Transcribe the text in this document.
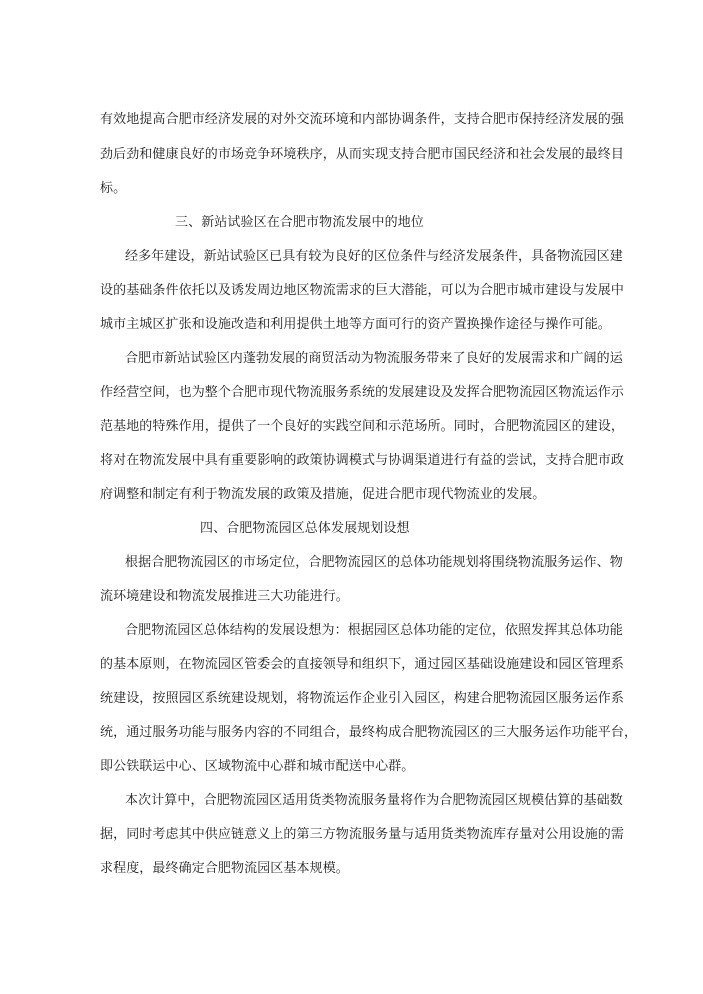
有效地提高合肥市经济发展的对外交流环境和内部协调条件，支持合肥市保持经济发展的强
劲后劲和健康良好的市场竞争环境秩序，从而实现支持合肥市国民经济和社会发展的最终目
标。
三、新站试验区在合肥市物流发展中的地位
经多年建设，新站试验区已具有较为良好的区位条件与经济发展条件，具备物流园区建
设的基础条件依托以及诱发周边地区物流需求的巨大潜能，可以为合肥市城市建设与发展中
城市主城区扩张和设施改造和利用提供土地等方面可行的资产置换操作途径与操作可能。
合肥市新站试验区内蓬勃发展的商贸活动为物流服务带来了良好的发展需求和广阔的运
作经营空间，也为整个合肥市现代物流服务系统的发展建设及发挥合肥物流园区物流运作示
范基地的特殊作用，提供了一个良好的实践空间和示范场所。同时，合肥物流园区的建设，
将对在物流发展中具有重要影响的政策协调模式与协调渠道进行有益的尝试，支持合肥市政
府调整和制定有利于物流发展的政策及措施，促进合肥市现代物流业的发展。
四、合肥物流园区总体发展规划设想
根据合肥物流园区的市场定位，合肥物流园区的总体功能规划将围绕物流服务运作、物
流环境建设和物流发展推进三大功能进行。
合肥物流园区总体结构的发展设想为：根据园区总体功能的定位，依照发挥其总体功能
的基本原则，在物流园区管委会的直接领导和组织下，通过园区基础设施建设和园区管理系
统建设，按照园区系统建设规划，将物流运作企业引入园区，构建合肥物流园区服务运作系
统，通过服务功能与服务内容的不同组合，最终构成合肥物流园区的三大服务运作功能平台，
即公铁联运中心、区域物流中心群和城市配送中心群。
本次计算中，合肥物流园区适用货类物流服务量将作为合肥物流园区规模估算的基础数
据，同时考虑其中供应链意义上的第三方物流服务量与适用货类物流库存量对公用设施的需
求程度，最终确定合肥物流园区基本规模。
